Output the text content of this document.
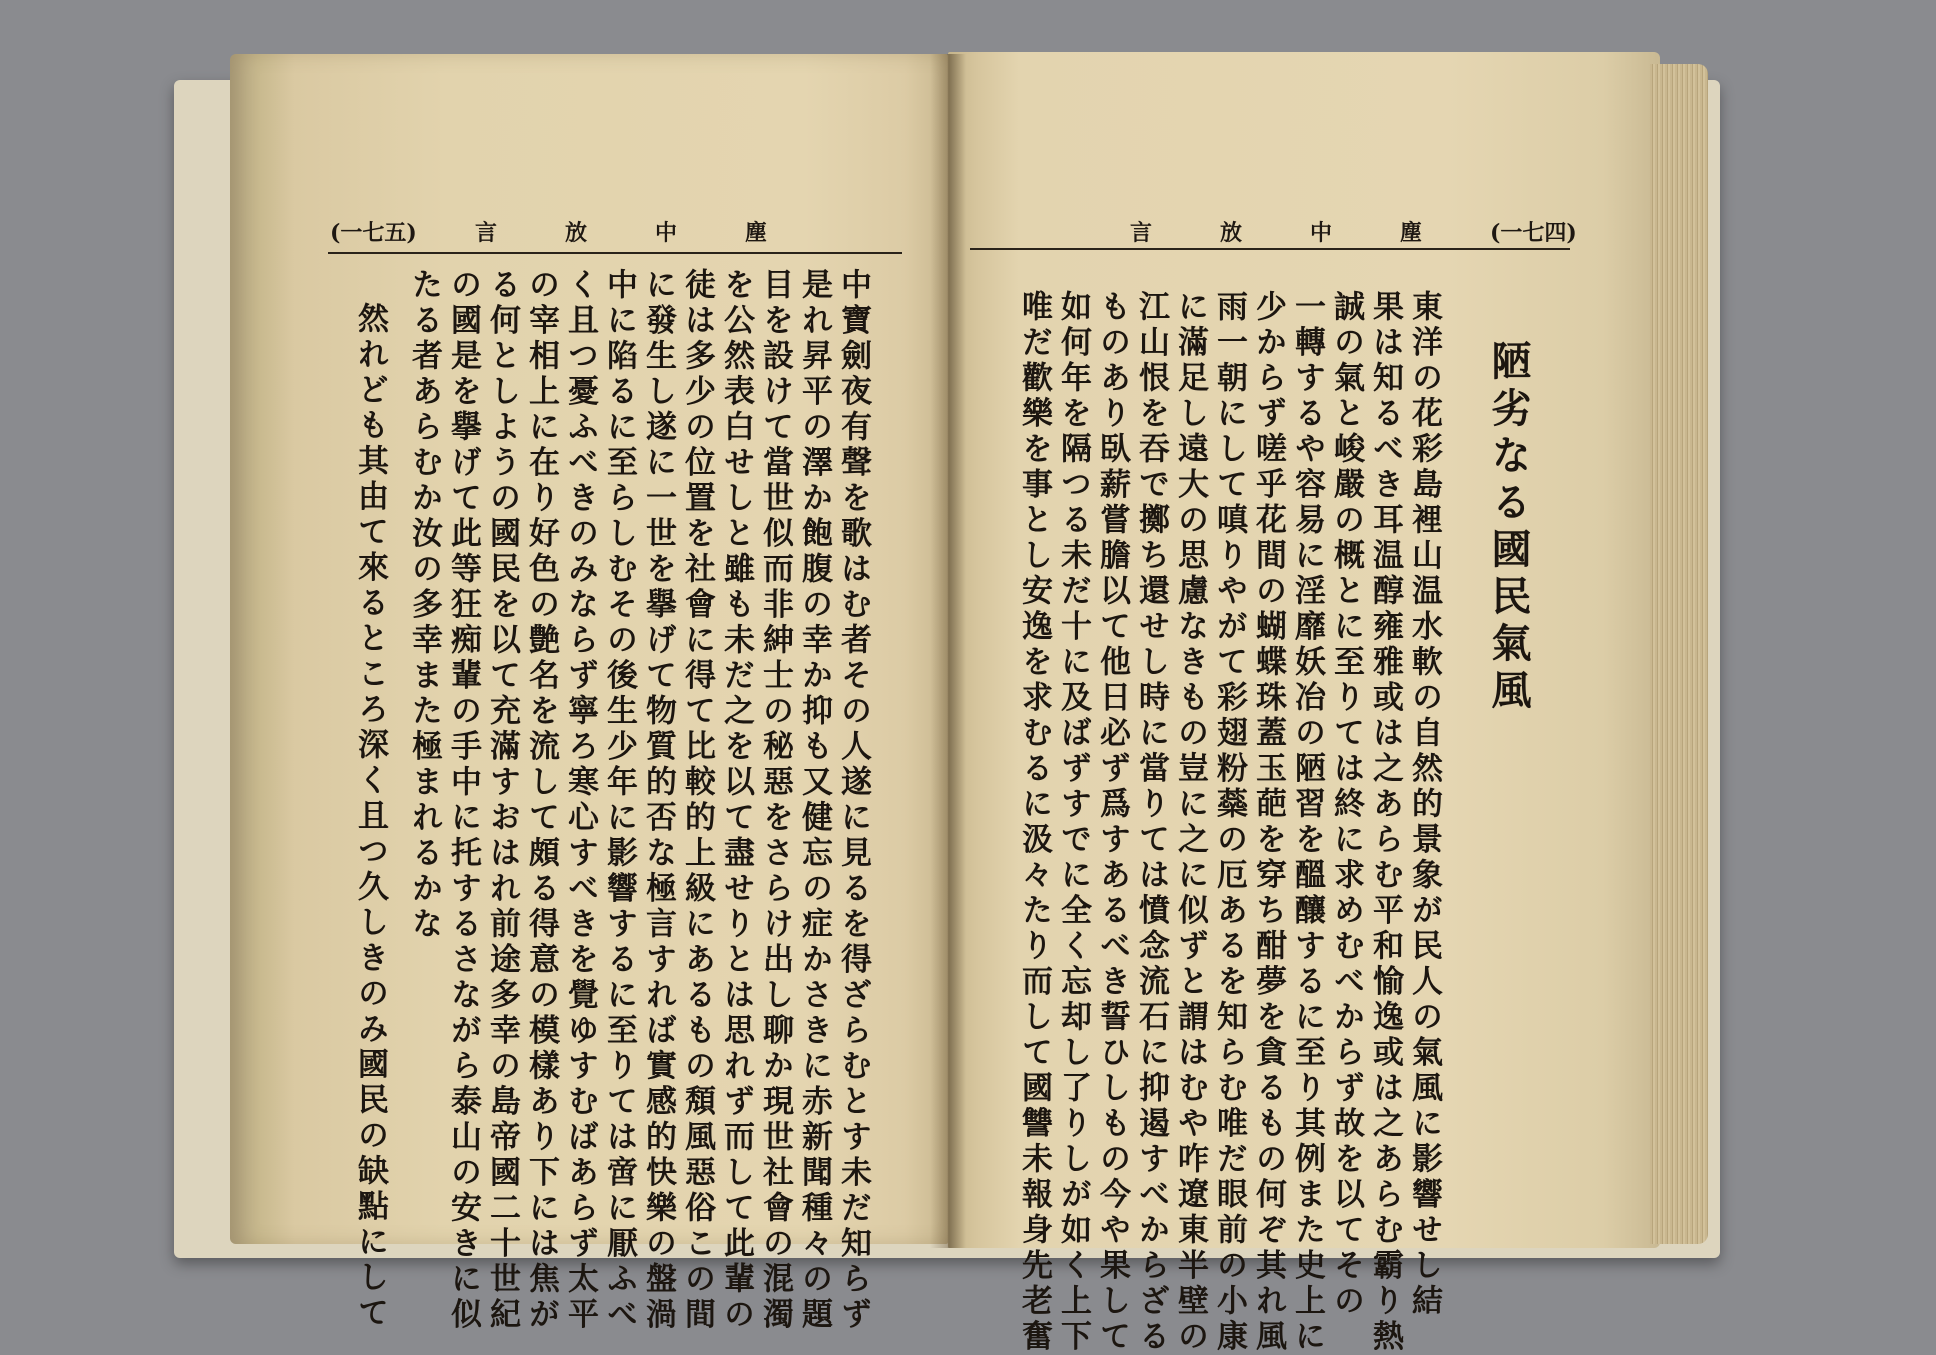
(一七五)	塵
中
放
言	塵
中
放
言	(一七四)
陋劣なる國民氣風
中寶劍夜有聲を歌はむ者その人遂に見るを得ざらむとす未だ知らず
是れ昇平の澤か飽腹の幸か抑も又健忘の症かさきに赤新聞種々の題
目を設けて當世似而非紳士の秘惡をさらけ出し聊か現世社會の混濁
を公然表白せしと雖も未だ之を以て盡せりとは思れず而して此輩の
徒は多少の位置を社會に得て比較的上級にあるもの頽風惡俗この間
に發生し遂に一世を擧げて物質的否な極言すれば實感的快樂の盤渦
中に陷るに至らしむその後生少年に影響するに至りては啻に厭ふべ
く且つ憂ふべきのみならず寧ろ寒心すべきを覺ゆすむばあらず太平
の宰相上に在り好色の艶名を流して頗る得意の模樣あり下には焦が
る何としようの國民を以て充滿すおはれ前途多幸の島帝國二十世紀
の國是を擧げて此等狂痴輩の手中に托するさながら泰山の安きに似
たる者あらむか汝の多幸また極まれるかな
然れども其由て來るところ深く且つ久しきのみ國民の缺點にして	東洋の花彩島裡山温水軟の自然的景象が民人の氣風に影響せし結
果は知るべき耳温醇雍雅或は之あらむ平和愉逸或は之あらむ霸り熱
誠の氣と峻嚴の概とに至りては終に求めむべからず故を以てその
一轉するや容易に淫靡妖冶の陋習を醞釀するに至り其例また史上に
少からず嗟乎花間の蝴蝶珠蓋玉葩を穿ち酣夢を貪るもの何ぞ其れ風
雨一朝にして嗔りやがて彩翅粉蘂の厄あるを知らむ唯だ眼前の小康
に滿足し遠大の思慮なきもの豈に之に似ずと謂はむや咋遼東半壁の
江山恨を吞で擲ち還せし時に當りては憤念流石に抑遏すべからざる
ものあり臥薪嘗膽以て他日必ず爲すあるべき誓ひしもの今や果して
如何年を隔つる未だ十に及ばずすでに全く忘却し了りしが如く上下
唯だ歡樂を事とし安逸を求むるに汲々たり而して國讐未報身先老奮
